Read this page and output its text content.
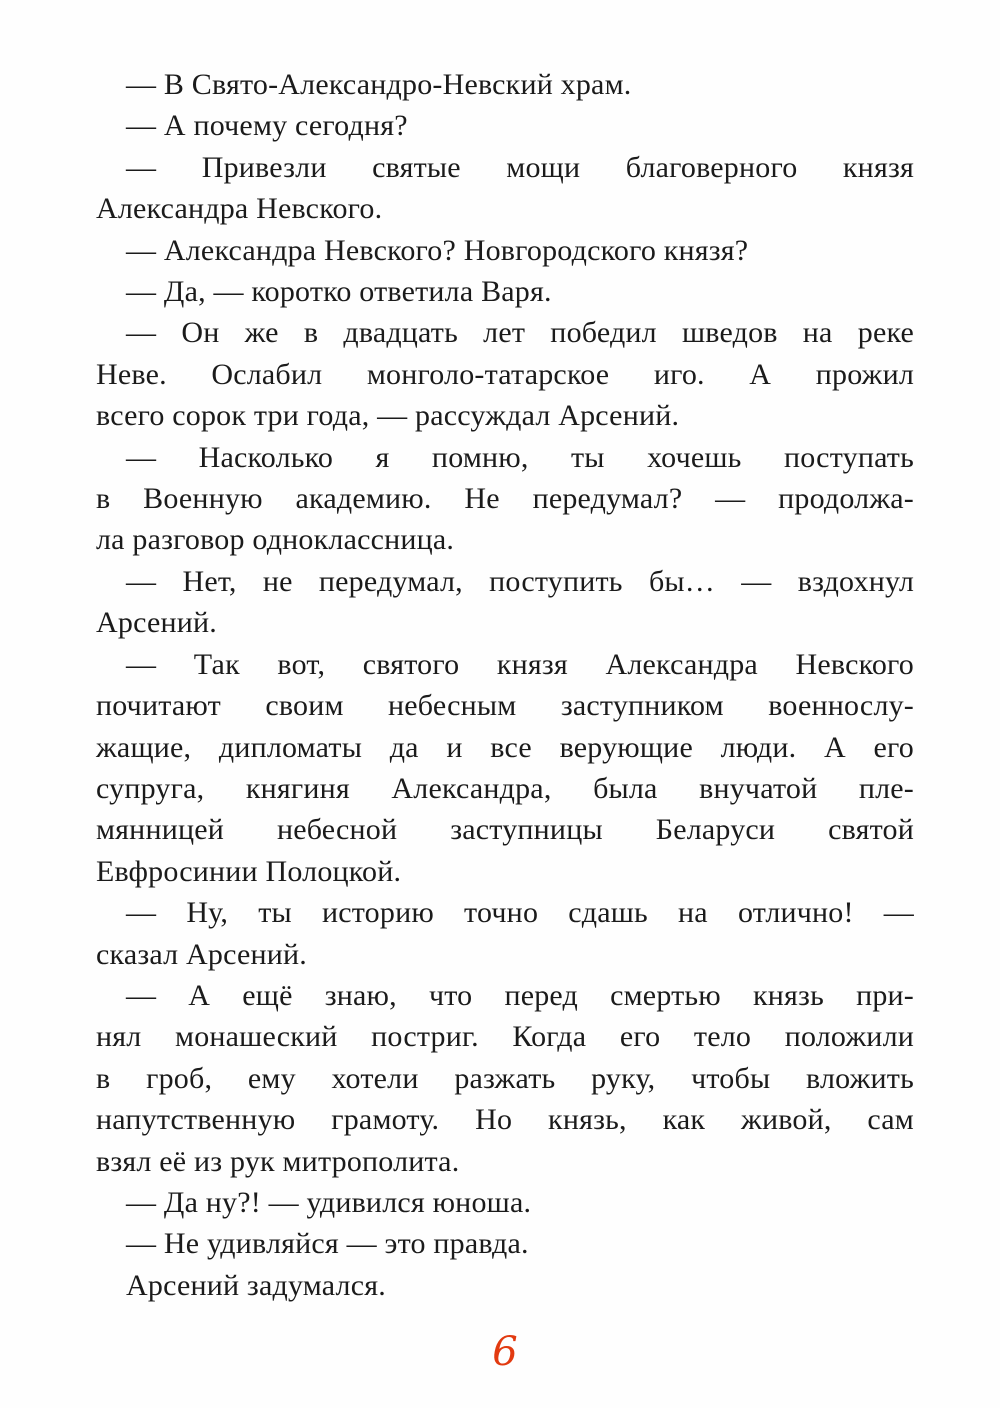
— В Свято-Александро-Невский храм.
— А почему сегодня?
— Привезли святые мощи благоверного князя
Александра Невского.
— Александра Невского? Новгородского князя?
— Да, — коротко ответила Варя.
— Он же в двадцать лет победил шведов на реке
Неве. Ослабил монголо-татарское иго. А прожил
всего сорок три года, — рассуждал Арсений.
— Насколько я помню, ты хочешь поступать
в Военную академию. Не передумал? — продолжа-
ла разговор одноклассница.
— Нет, не передумал, поступить бы… — вздохнул
Арсений.
— Так вот, святого князя Александра Невского
почитают своим небесным заступником военнослу-
жащие, дипломаты да и все верующие люди. А его
супруга, княгиня Александра, была внучатой пле-
мянницей небесной заступницы Беларуси святой
Евфросинии Полоцкой.
— Ну, ты историю точно сдашь на отлично! —
сказал Арсений.
— А ещё знаю, что перед смертью князь при-
нял монашеский постриг. Когда его тело положили
в гроб, ему хотели разжать руку, чтобы вложить
напутственную грамоту. Но князь, как живой, сам
взял её из рук митрополита.
— Да ну?! — удивился юноша.
— Не удивляйся — это правда.
Арсений задумался.
6
